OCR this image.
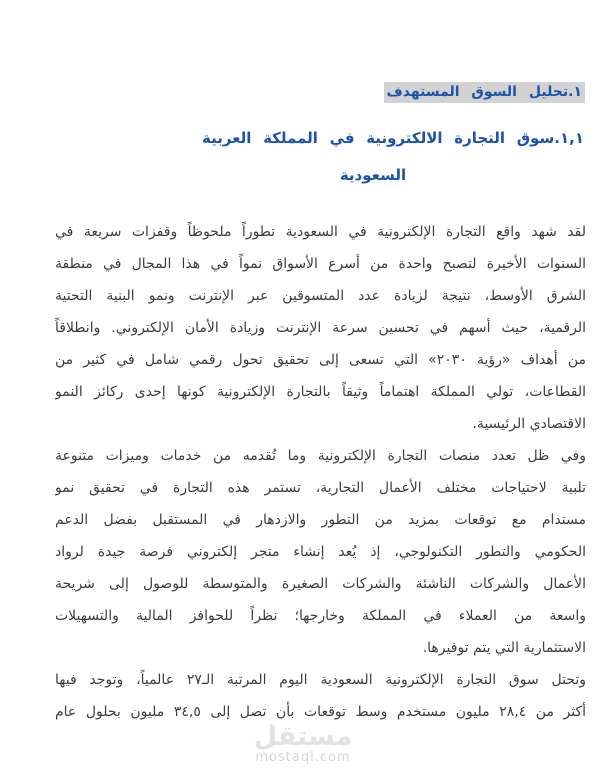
١.تحليل السوق المستهدف
١,١.سوق التجارة الالكترونية في المملكة العربية
السعودية

لقد شهد واقع التجارة الإلكترونية في السعودية تطوراً ملحوظاً وقفزات سريعة في
السنوات الأخيرة لتصبح واحدة من أسرع الأسواق نمواً في هذا المجال في منطقة
الشرق الأوسط، نتيجة لزيادة عدد المتسوقين عبر الإنترنت ونمو البنية التحتية
الرقمية، حيث أسهم في تحسين سرعة الإنترنت وزيادة الأمان الإلكتروني. وانطلاقاً
من أهداف «رؤية ٢٠٣٠» التي تسعى إلى تحقيق تحول رقمي شامل في كثير من
القطاعات، تولي المملكة اهتماماً وثيقاً بالتجارة الإلكترونية كونها إحدى ركائز النمو
الاقتصادي الرئيسية.

وفي ظل تعدد منصات التجارة الإلكترونية وما تُقدمه من خدمات وميزات متنوعة
تلبية لاحتياجات مختلف الأعمال التجارية، تستمر هذه التجارة في تحقيق نمو
مستدام مع توقعات بمزيد من التطور والازدهار في المستقبل بفضل الدعم
الحكومي والتطور التكنولوجي، إذ يُعد إنشاء متجر إلكتروني فرصة جيدة لرواد
الأعمال والشركات الناشئة والشركات الصغيرة والمتوسطة للوصول إلى شريحة
واسعة من العملاء في المملكة وخارجها؛ نظراً للحوافز المالية والتسهيلات
الاستثمارية التي يتم توفيرها.

وتحتل سوق التجارة الإلكترونية السعودية اليوم المرتبة الـ٢٧ عالمياً، وتوجد فيها
أكثر من ٢٨,٤ مليون مستخدم وسط توقعات بأن تصل إلى ٣٤,٥ مليون بحلول عام

مستقل
mostaql.com
